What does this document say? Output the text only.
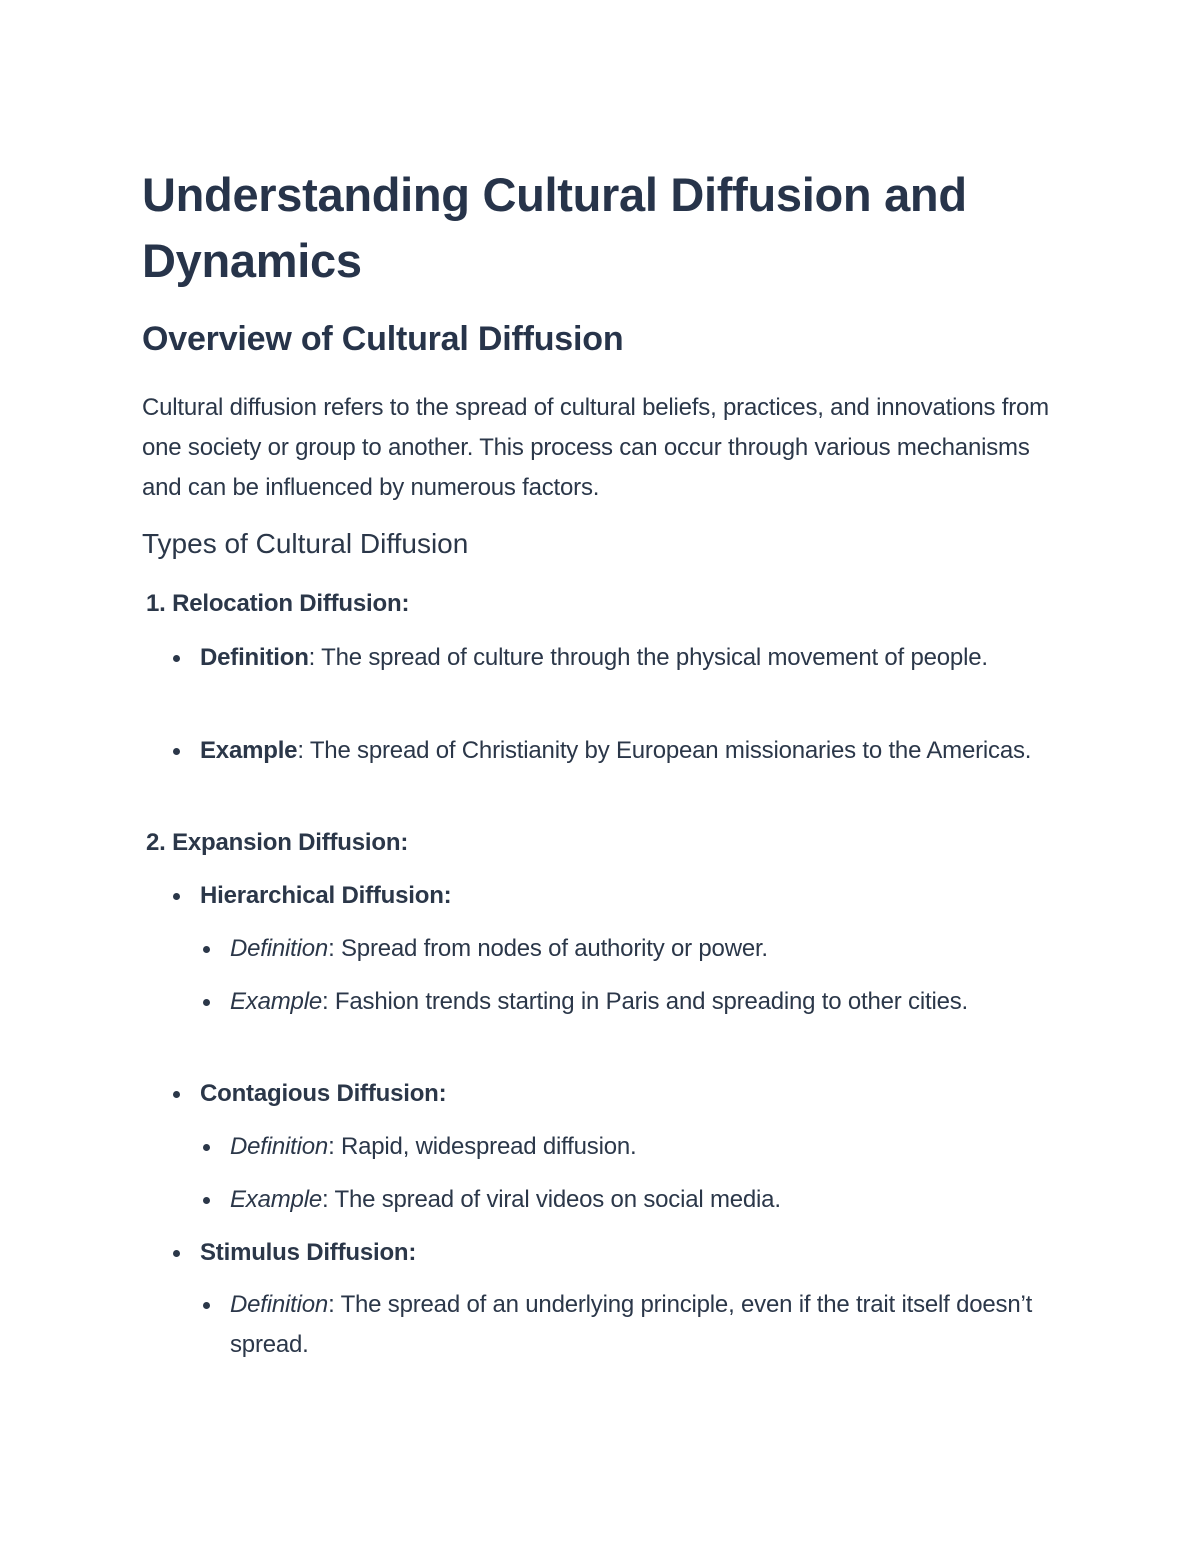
Understanding Cultural Diffusion and Dynamics
Overview of Cultural Diffusion

Cultural diffusion refers to the spread of cultural beliefs, practices, and innovations from one society or group to another. This process can occur through various mechanisms and can be influenced by numerous factors.

Types of Cultural Diffusion
1. Relocation Diffusion:

Definition: The spread of culture through the physical movement of people.

Example: The spread of Christianity by European missionaries to the Americas.

2. Expansion Diffusion:

Hierarchical Diffusion:

Definition: Spread from nodes of authority or power.

Example: Fashion trends starting in Paris and spreading to other cities.

Contagious Diffusion:

Definition: Rapid, widespread diffusion.

Example: The spread of viral videos on social media.

Stimulus Diffusion:

Definition: The spread of an underlying principle, even if the trait itself doesn’t spread.
